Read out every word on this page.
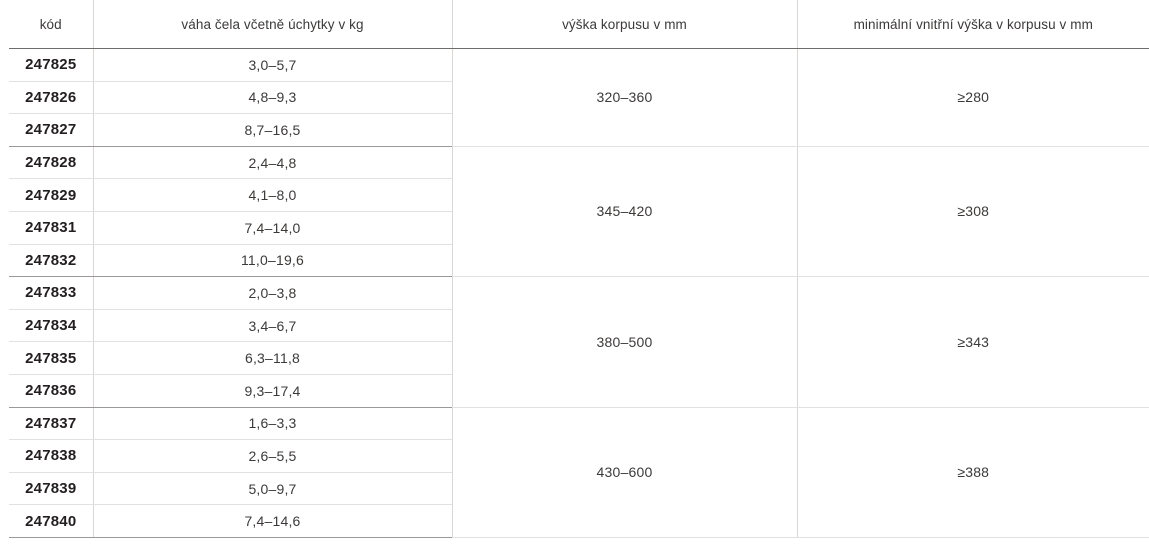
kód	váha čela včetně úchytky v kg	výška korpusu v mm	minimální vnitřní výška v korpusu v mm
247825	3,0–5,7	320–360	≥280
247826	4,8–9,3		
247827	8,7–16,5		
247828	2,4–4,8	345–420	≥308
247829	4,1–8,0		
247831	7,4–14,0		
247832	11,0–19,6		
247833	2,0–3,8	380–500	≥343
247834	3,4–6,7		
247835	6,3–11,8		
247836	9,3–17,4		
247837	1,6–3,3	430–600	≥388
247838	2,6–5,5		
247839	5,0–9,7		
247840	7,4–14,6		
